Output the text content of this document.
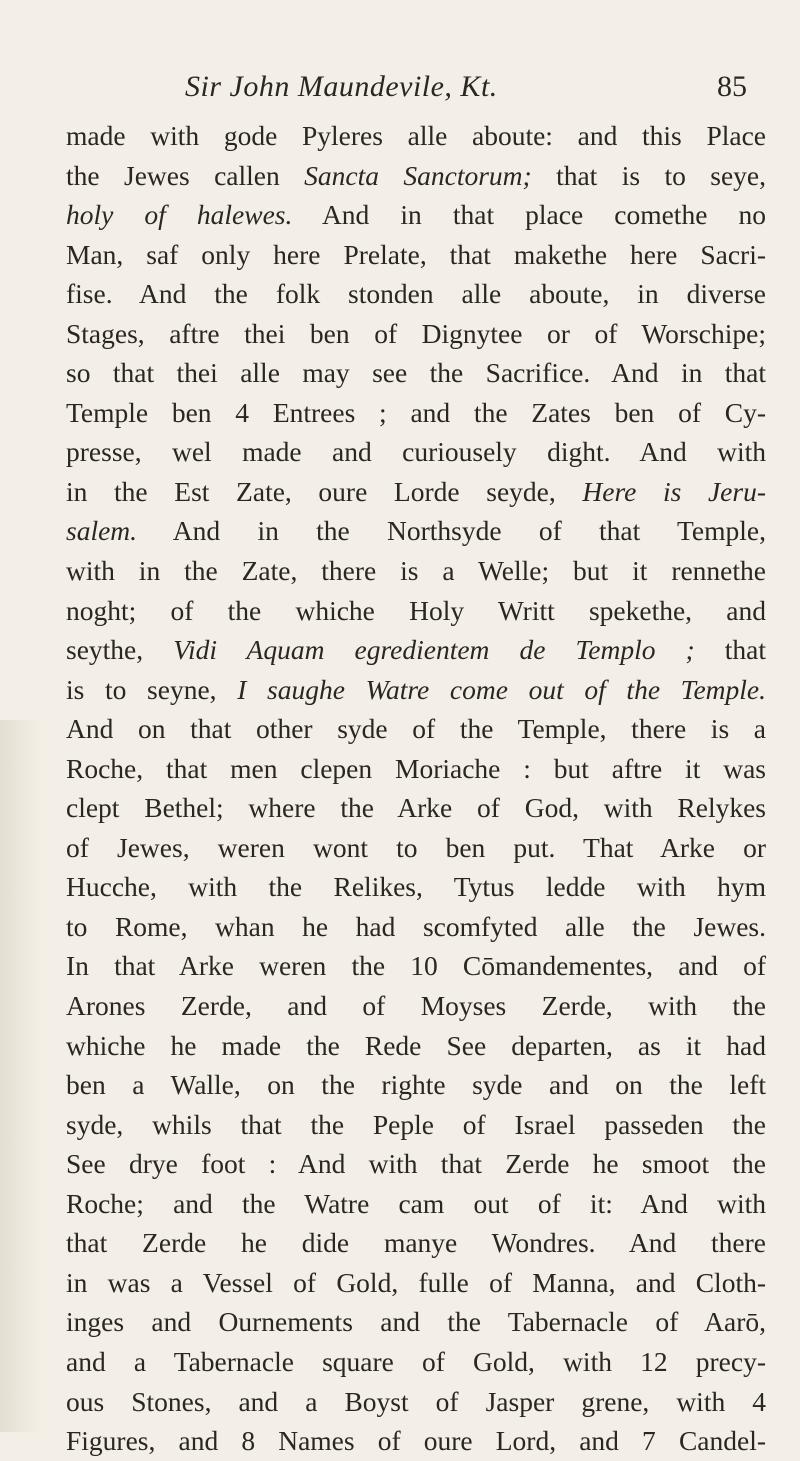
Sir John Maundevile, Kt.	85
made with gode Pyleres alle aboute: and this Place
the Jewes callen Sancta Sanctorum; that is to seye,
holy of halewes. And in that place comethe no
Man, saf only here Prelate, that makethe here Sacri-
fise. And the folk stonden alle aboute, in diverse
Stages, aftre thei ben of Dignytee or of Worschipe;
so that thei alle may see the Sacrifice. And in that
Temple ben 4 Entrees ; and the Zates ben of Cy-
presse, wel made and curiousely dight. And with
in the Est Zate, oure Lorde seyde, Here is Jeru-
salem. And in the Northsyde of that Temple,
with in the Zate, there is a Welle; but it rennethe
noght; of the whiche Holy Writt spekethe, and
seythe, Vidi Aquam egredientem de Templo ; that
is to seyne, I saughe Watre come out of the Temple.
And on that other syde of the Temple, there is a
Roche, that men clepen Moriache : but aftre it was
clept Bethel; where the Arke of God, with Relykes
of Jewes, weren wont to ben put. That Arke or
Hucche, with the Relikes, Tytus ledde with hym
to Rome, whan he had scomfyted alle the Jewes.
In that Arke weren the 10 Cōmandementes, and of
Arones Zerde, and of Moyses Zerde, with the
whiche he made the Rede See departen, as it had
ben a Walle, on the righte syde and on the left
syde, whils that the Peple of Israel passeden the
See drye foot : And with that Zerde he smoot the
Roche; and the Watre cam out of it: And with
that Zerde he dide manye Wondres. And there
in was a Vessel of Gold, fulle of Manna, and Cloth-
inges and Ournements and the Tabernacle of Aarō,
and a Tabernacle square of Gold, with 12 precy-
ous Stones, and a Boyst of Jasper grene, with 4
Figures, and 8 Names of oure Lord, and 7 Candel-
